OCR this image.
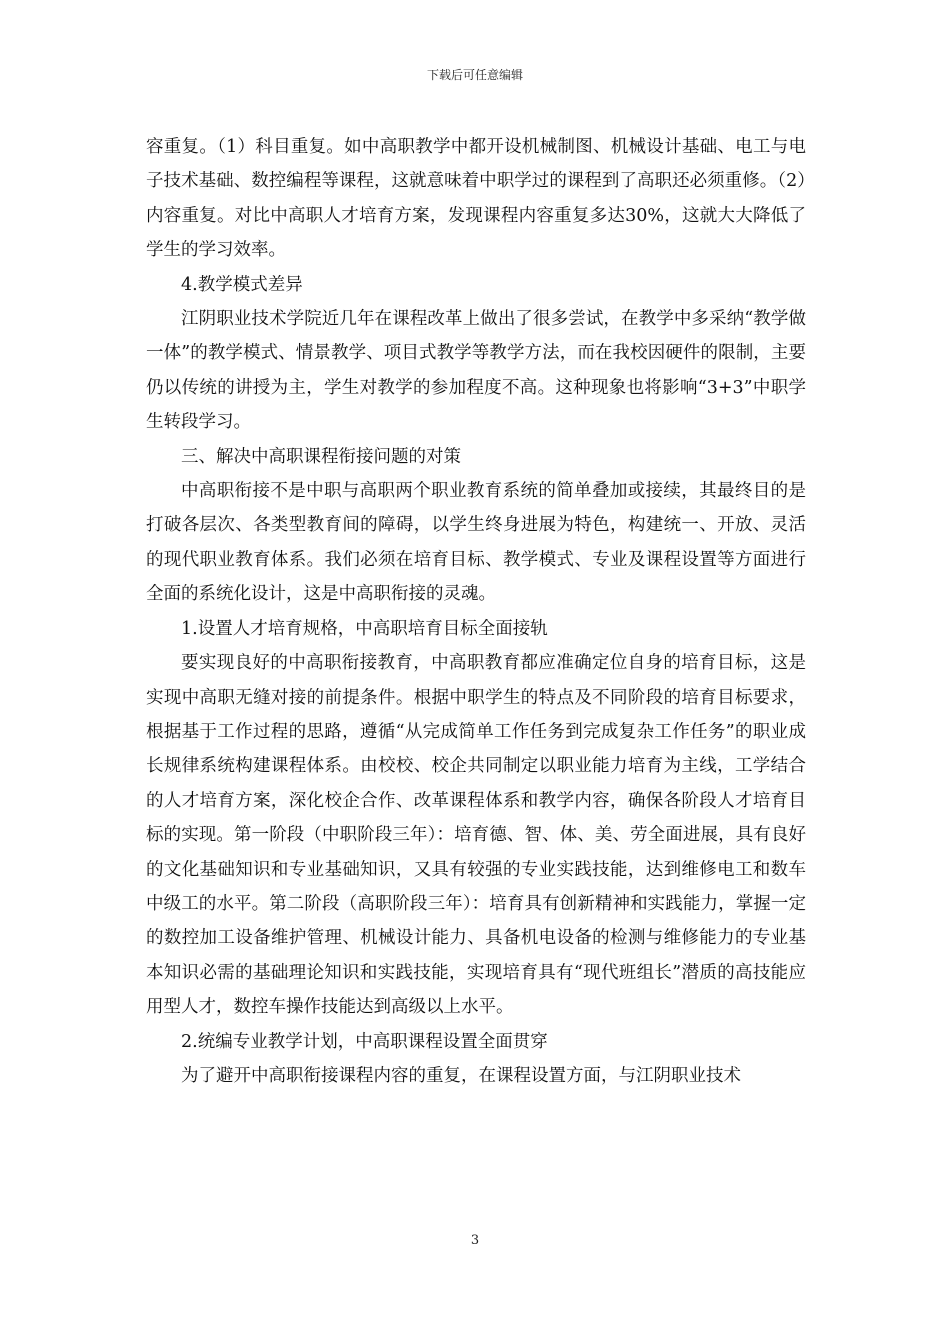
下载后可任意编辑

容重复。（1）科目重复。如中高职教学中都开设机械制图、机械设计基础、电工与电子技术基础、数控编程等课程，这就意味着中职学过的课程到了高职还必须重修。（2）内容重复。对比中高职人才培育方案，发现课程内容重复多达30%，这就大大降低了学生的学习效率。

4.教学模式差异

江阴职业技术学院近几年在课程改革上做出了很多尝试，在教学中多采纳“教学做一体”的教学模式、情景教学、项目式教学等教学方法，而在我校因硬件的限制，主要仍以传统的讲授为主，学生对教学的参加程度不高。这种现象也将影响“3+3”中职学生转段学习。

三、解决中高职课程衔接问题的对策

中高职衔接不是中职与高职两个职业教育系统的简单叠加或接续，其最终目的是打破各层次、各类型教育间的障碍，以学生终身进展为特色，构建统一、开放、灵活的现代职业教育体系。我们必须在培育目标、教学模式、专业及课程设置等方面进行全面的系统化设计，这是中高职衔接的灵魂。

1.设置人才培育规格，中高职培育目标全面接轨

要实现良好的中高职衔接教育，中高职教育都应准确定位自身的培育目标，这是实现中高职无缝对接的前提条件。根据中职学生的特点及不同阶段的培育目标要求，根据基于工作过程的思路，遵循“从完成简单工作任务到完成复杂工作任务”的职业成长规律系统构建课程体系。由校校、校企共同制定以职业能力培育为主线，工学结合的人才培育方案，深化校企合作、改革课程体系和教学内容，确保各阶段人才培育目标的实现。第一阶段（中职阶段三年）：培育德、智、体、美、劳全面进展，具有良好的文化基础知识和专业基础知识，又具有较强的专业实践技能，达到维修电工和数车中级工的水平。第二阶段（高职阶段三年）：培育具有创新精神和实践能力，掌握一定的数控加工设备维护管理、机械设计能力、具备机电设备的检测与维修能力的专业基本知识必需的基础理论知识和实践技能，实现培育具有“现代班组长”潜质的高技能应用型人才，数控车操作技能达到高级以上水平。

2.统编专业教学计划，中高职课程设置全面贯穿

为了避开中高职衔接课程内容的重复，在课程设置方面，与江阴职业技术

3
